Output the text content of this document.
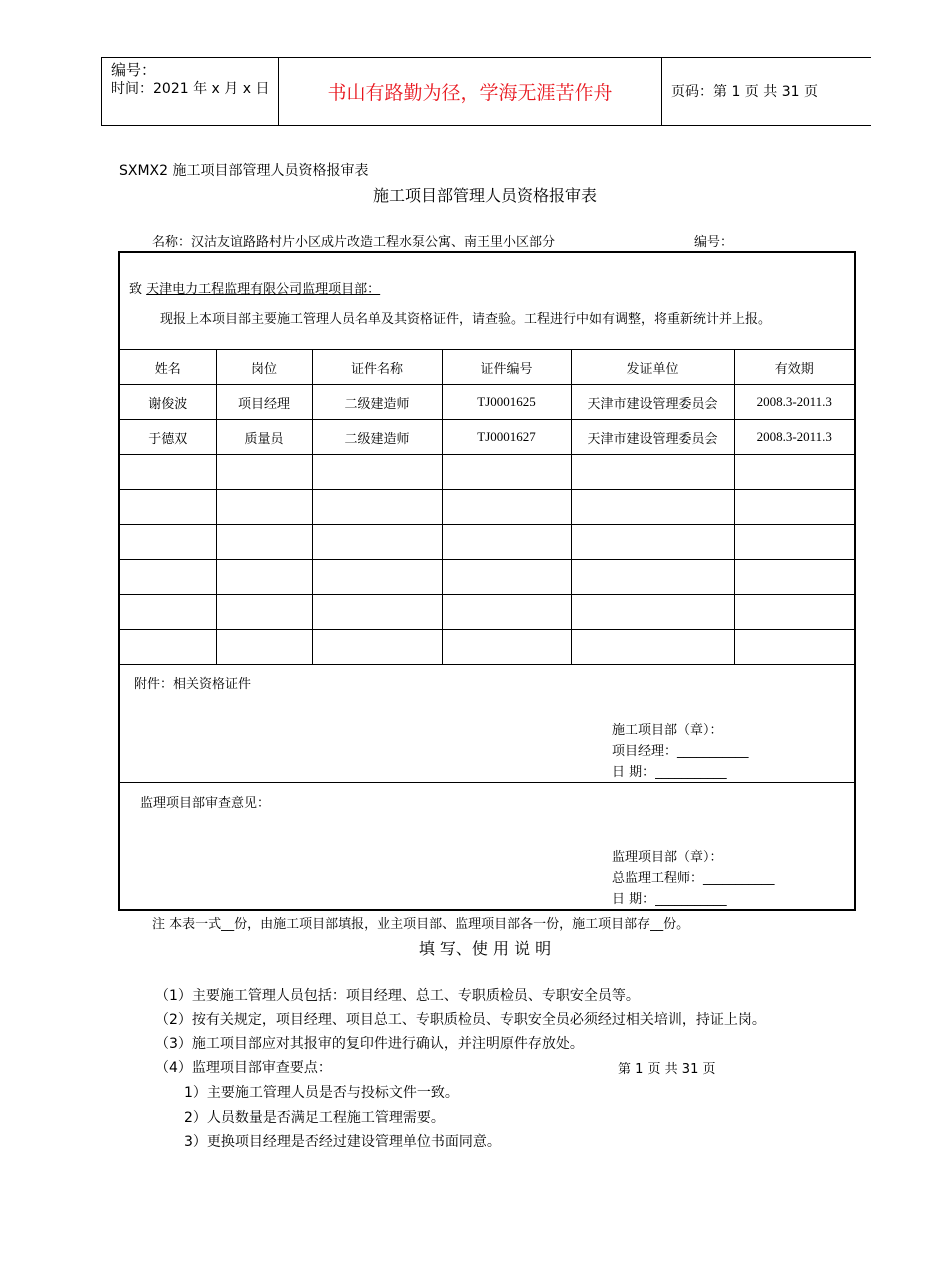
编号：
时间：2021 年 x 月 x 日	书山有路勤为径，学海无涯苦作舟	页码：第 1 页 共 31 页
SXMX2 施工项目部管理人员资格报审表
施工项目部管理人员资格报审表
名称：汉沽友谊路路村片小区成片改造工程水泵公寓、南王里小区部分	编号：
致 天津电力工程监理有限公司监理项目部：
现报上本项目部主要施工管理人员名单及其资格证件，请查验。工程进行中如有调整，将重新统计并上报。
姓名	岗位	证件名称	证件编号	发证单位	有效期
谢俊波	项目经理	二级建造师	TJ0001625	天津市建设管理委员会	2008.3-2011.3
于德双	质量员	二级建造师	TJ0001627	天津市建设管理委员会	2008.3-2011.3

附件：相关资格证件
施工项目部（章）：
项目经理：___________
日 期：___________
监理项目部审查意见：
监理项目部（章）：
总监理工程师：___________
日 期：___________
注 本表一式__份，由施工项目部填报，业主项目部、监理项目部各一份，施工项目部存__份。
填 写、使 用 说 明
（1）主要施工管理人员包括：项目经理、总工、专职质检员、专职安全员等。
（2）按有关规定，项目经理、项目总工、专职质检员、专职安全员必须经过相关培训，持证上岗。
（3）施工项目部应对其报审的复印件进行确认，并注明原件存放处。
（4）监理项目部审查要点：	第 1 页 共 31 页
1）主要施工管理人员是否与投标文件一致。
2）人员数量是否满足工程施工管理需要。
3）更换项目经理是否经过建设管理单位书面同意。
